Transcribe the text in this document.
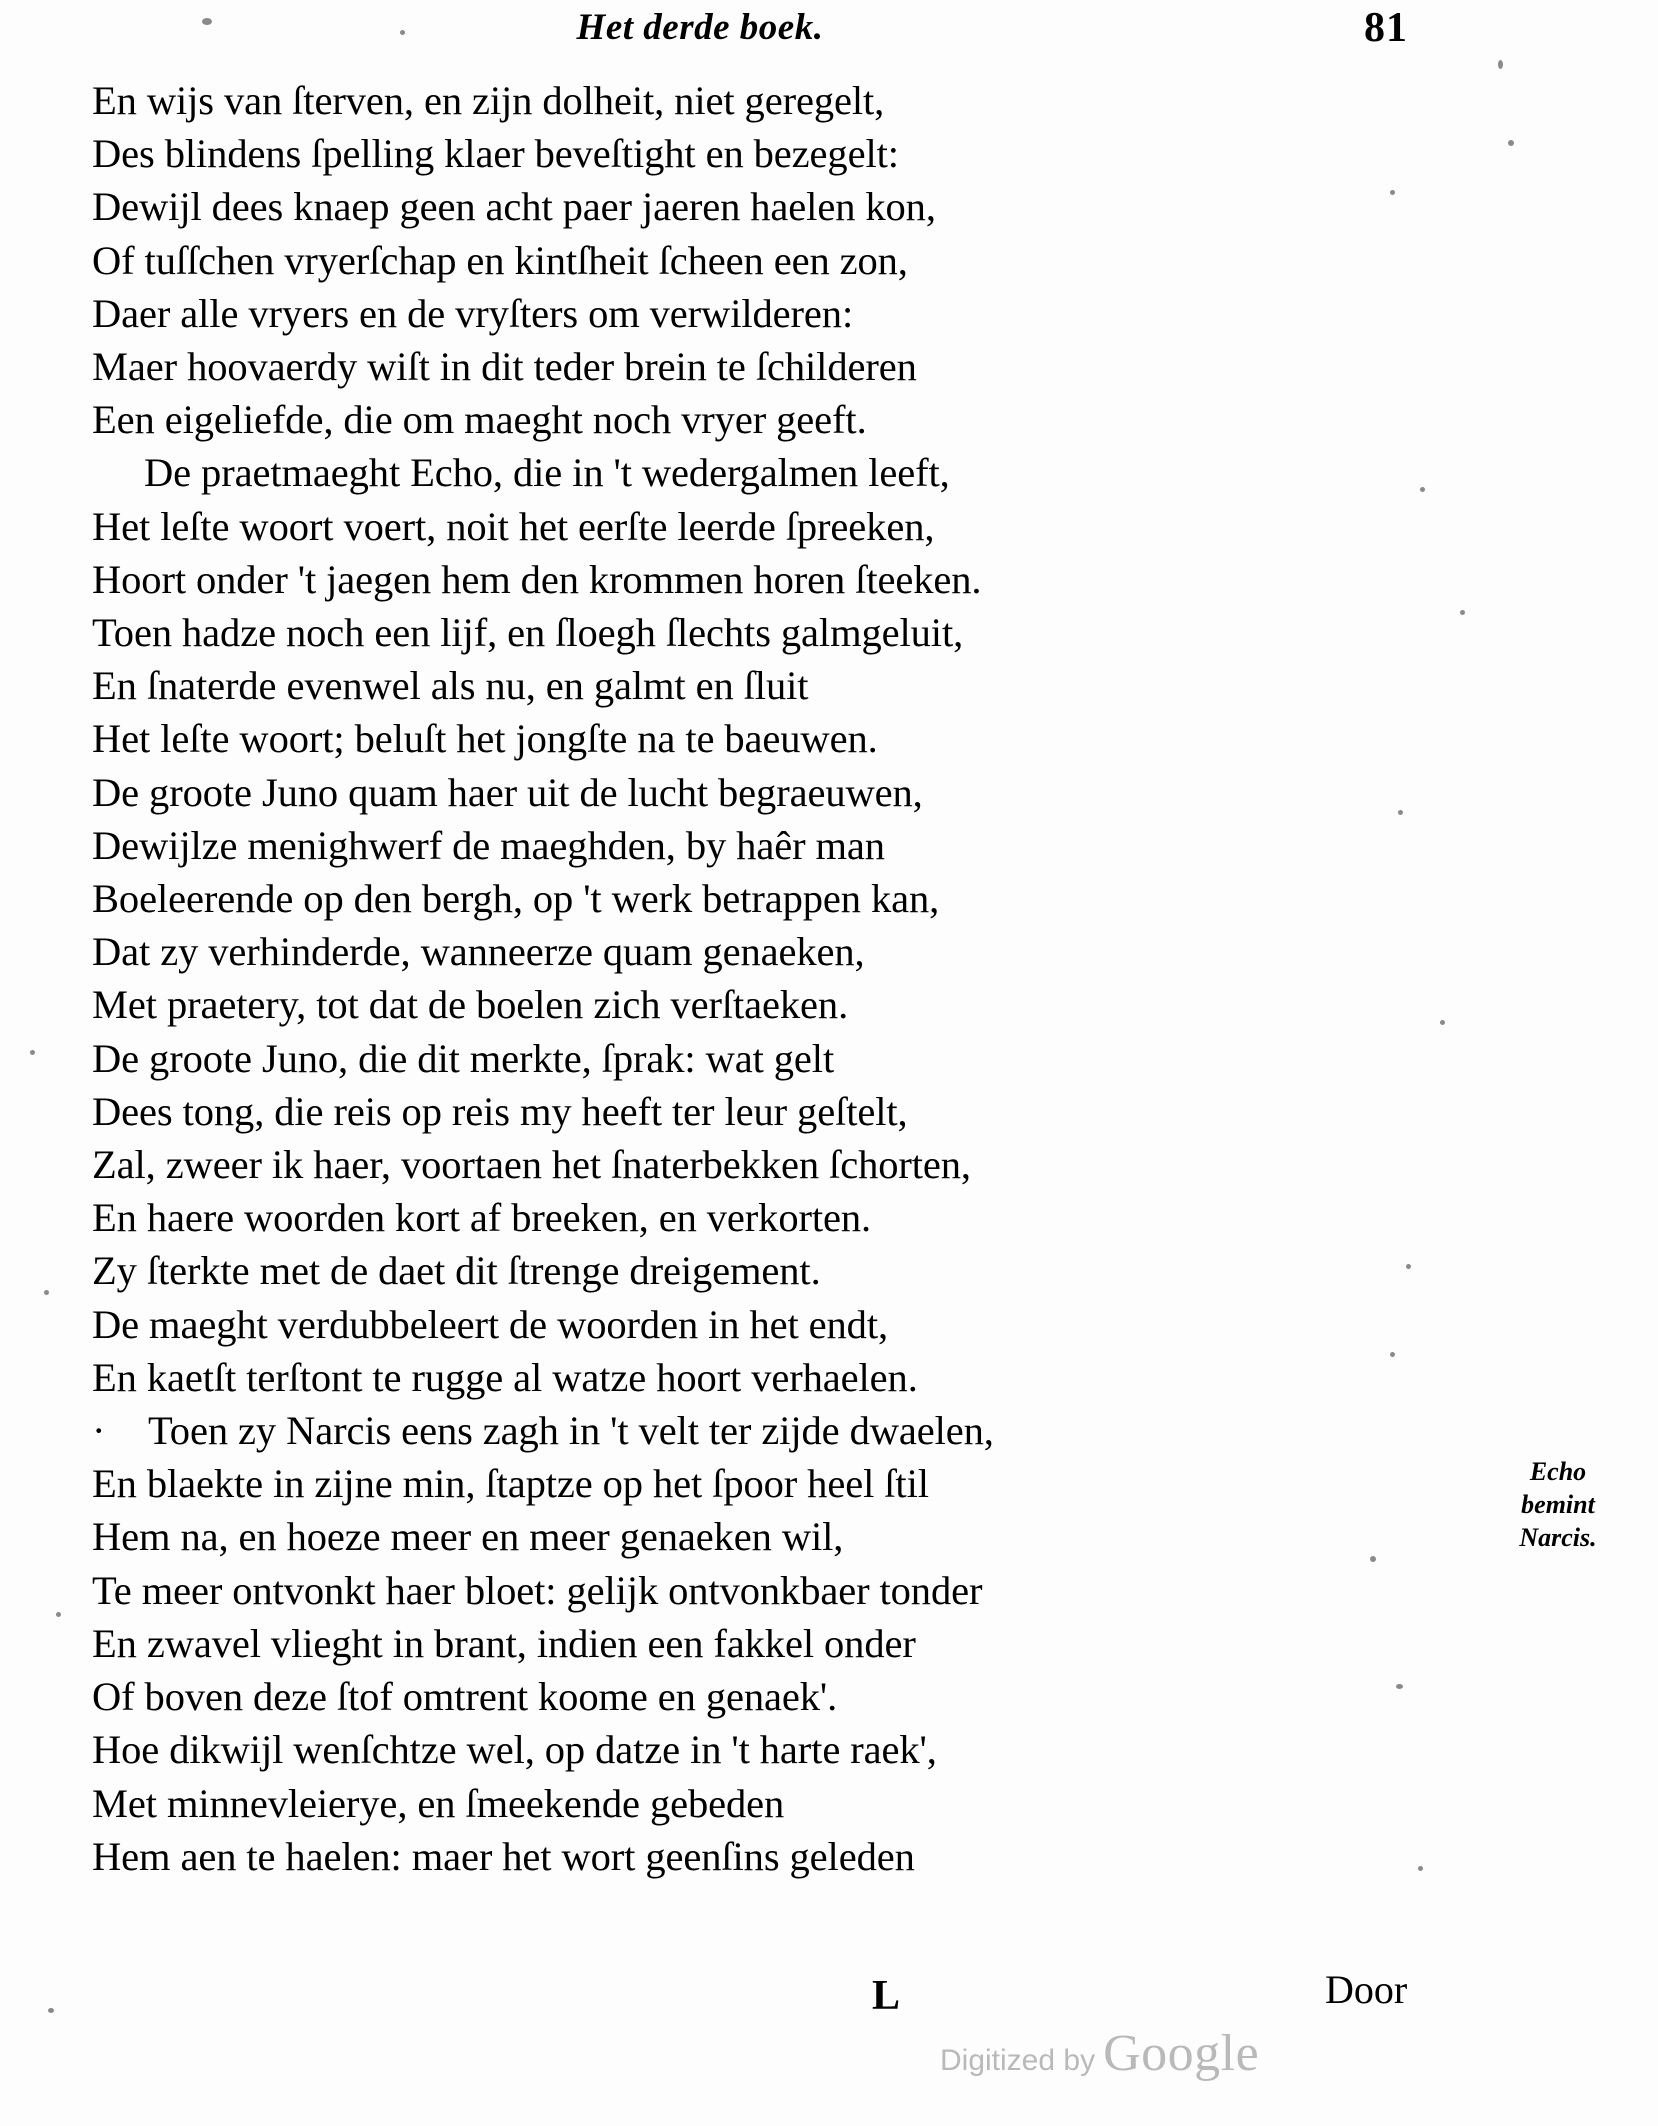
Het derde boek.	81
En wijs van ſterven, en zijn dolheit, niet geregelt,
Des blindens ſpelling klaer beveſtight en bezegelt:
Dewijl dees knaep geen acht paer jaeren haelen kon,
Of tuſſchen vryerſchap en kintſheit ſcheen een zon,
Daer alle vryers en de vryſters om verwilderen:
Maer hoovaerdy wiſt in dit teder brein te ſchilderen
Een eigeliefde, die om maeght noch vryer geeft.
De praetmaeght Echo, die in 't wedergalmen leeft,
Het leſte woort voert, noit het eerſte leerde ſpreeken,
Hoort onder 't jaegen hem den krommen horen ſteeken.
Toen hadze noch een lijf, en ſloegh ſlechts galmgeluit,
En ſnaterde evenwel als nu, en galmt en ſluit
Het leſte woort; beluſt het jongſte na te baeuwen.
De groote Juno quam haer uit de lucht begraeuwen,
Dewijlze menighwerf de maeghden, by haêr man
Boeleerende op den bergh, op 't werk betrappen kan,
Dat zy verhinderde, wanneerze quam genaeken,
Met praetery, tot dat de boelen zich verſtaeken.
De groote Juno, die dit merkte, ſprak: wat gelt
Dees tong, die reis op reis my heeft ter leur geſtelt,
Zal, zweer ik haer, voortaen het ſnaterbekken ſchorten,
En haere woorden kort af breeken, en verkorten.
Zy ſterkte met de daet dit ſtrenge dreigement.
De maeght verdubbeleert de woorden in het endt,
En kaetſt terſtont te rugge al watze hoort verhaelen.
· Toen zy Narcis eens zagh in 't velt ter zijde dwaelen,
En blaekte in zijne min, ſtaptze op het ſpoor heel ſtil
Hem na, en hoeze meer en meer genaeken wil,
Te meer ontvonkt haer bloet: gelijk ontvonkbaer tonder
En zwavel vlieght in brant, indien een fakkel onder
Of boven deze ſtof omtrent koome en genaek'.
Hoe dikwijl wenſchtze wel, op datze in 't harte raek',
Met minnevleierye, en ſmeekende gebeden
Hem aen te haelen: maer het wort geenſins geleden
Echo
bemint
Narcis.
L	Door
Digitized by Google
